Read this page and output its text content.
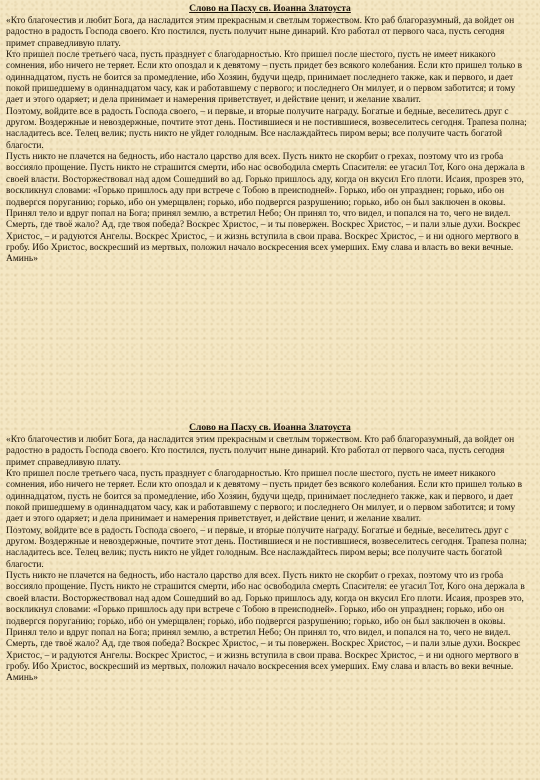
Слово на Пасху св. Иоанна Златоуста

«Кто благочестив и любит Бога, да насладится этим прекрасным и светлым торжеством. Кто раб благоразумный, да войдет он радостно в радость Господа своего. Кто постился, пусть получит ныне динарий. Кто работал от первого часа, пусть сегодня примет справедливую плату.

Кто пришел после третьего часа, пусть празднует с благодарностью. Кто пришел после шестого, пусть не имеет никакого сомнения, ибо ничего не теряет. Если кто опоздал и к девятому – пусть придет без всякого колебания. Если кто пришел только в одиннадцатом, пусть не боится за промедление, ибо Хозяин, будучи щедр, принимает последнего также, как и первого, и дает покой пришедшему в одиннадцатом часу, как и работавшему с первого; и последнего Он милует, и о первом заботится; и тому дает и этого одаряет; и дела принимает и намерения приветствует, и действие ценит, и желание хвалит.

Поэтому, войдите все в радость Господа своего, – и первые, и вторые получите награду. Богатые и бедные, веселитесь друг с другом. Воздержные и невоздержные, почтите этот день. Постившиеся и не постившиеся, возвеселитесь сегодня. Трапеза полна; насладитесь все. Телец велик; пусть никто не уйдет голодным. Все наслаждайтесь пиром веры; все получите часть богатой благости.

Пусть никто не плачется на бедность, ибо настало царство для всех. Пусть никто не скорбит о грехах, поэтому что из гроба воссияло прощение. Пусть никто не страшится смерти, ибо нас освободила смерть Спасителя: ее угасил Тот, Кого она держала в своей власти. Восторжествовал над адом Сошедший во ад. Горько пришлось аду, когда он вкусил Его плоти. Исаия, прозрев это, воскликнул словами: «Горько пришлось аду при встрече с Тобою в преисподней». Горько, ибо он упразднен; горько, ибо он подвергся поруганию; горько, ибо он умерщвлен; горько, ибо подвергся разрушению; горько, ибо он был заключен в оковы.

Принял тело и вдруг попал на Бога; принял землю, а встретил Небо; Он принял то, что видел, и попался на то, чего не видел. Смерть, где твоё жало? Ад, где твоя победа? Воскрес Христос, – и ты повержен. Воскрес Христос, – и пали злые духи. Воскрес Христос, – и радуются Ангелы. Воскрес Христос, – и жизнь вступила в свои права. Воскрес Христос, – и ни одного мертвого в гробу. Ибо Христос, воскресший из мертвых, положил начало воскресения всех умерших. Ему слава и власть во веки вечные. Аминь»

Слово на Пасху св. Иоанна Златоуста

«Кто благочестив и любит Бога, да насладится этим прекрасным и светлым торжеством. Кто раб благоразумный, да войдет он радостно в радость Господа своего. Кто постился, пусть получит ныне динарий. Кто работал от первого часа, пусть сегодня примет справедливую плату.

Кто пришел после третьего часа, пусть празднует с благодарностью. Кто пришел после шестого, пусть не имеет никакого сомнения, ибо ничего не теряет. Если кто опоздал и к девятому – пусть придет без всякого колебания. Если кто пришел только в одиннадцатом, пусть не боится за промедление, ибо Хозяин, будучи щедр, принимает последнего также, как и первого, и дает покой пришедшему в одиннадцатом часу, как и работавшему с первого; и последнего Он милует, и о первом заботится; и тому дает и этого одаряет; и дела принимает и намерения приветствует, и действие ценит, и желание хвалит.

Поэтому, войдите все в радость Господа своего, – и первые, и вторые получите награду. Богатые и бедные, веселитесь друг с другом. Воздержные и невоздержные, почтите этот день. Постившиеся и не постившиеся, возвеселитесь сегодня. Трапеза полна; насладитесь все. Телец велик; пусть никто не уйдет голодным. Все наслаждайтесь пиром веры; все получите часть богатой благости.

Пусть никто не плачется на бедность, ибо настало царство для всех. Пусть никто не скорбит о грехах, поэтому что из гроба воссияло прощение. Пусть никто не страшится смерти, ибо нас освободила смерть Спасителя: ее угасил Тот, Кого она держала в своей власти. Восторжествовал над адом Сошедший во ад. Горько пришлось аду, когда он вкусил Его плоти. Исаия, прозрев это, воскликнул словами: «Горько пришлось аду при встрече с Тобою в преисподней». Горько, ибо он упразднен; горько, ибо он подвергся поруганию; горько, ибо он умерщвлен; горько, ибо подвергся разрушению; горько, ибо он был заключен в оковы.

Принял тело и вдруг попал на Бога; принял землю, а встретил Небо; Он принял то, что видел, и попался на то, чего не видел. Смерть, где твоё жало? Ад, где твоя победа? Воскрес Христос, – и ты повержен. Воскрес Христос, – и пали злые духи. Воскрес Христос, – и радуются Ангелы. Воскрес Христос, – и жизнь вступила в свои права. Воскрес Христос, – и ни одного мертвого в гробу. Ибо Христос, воскресший из мертвых, положил начало воскресения всех умерших. Ему слава и власть во веки вечные. Аминь»
